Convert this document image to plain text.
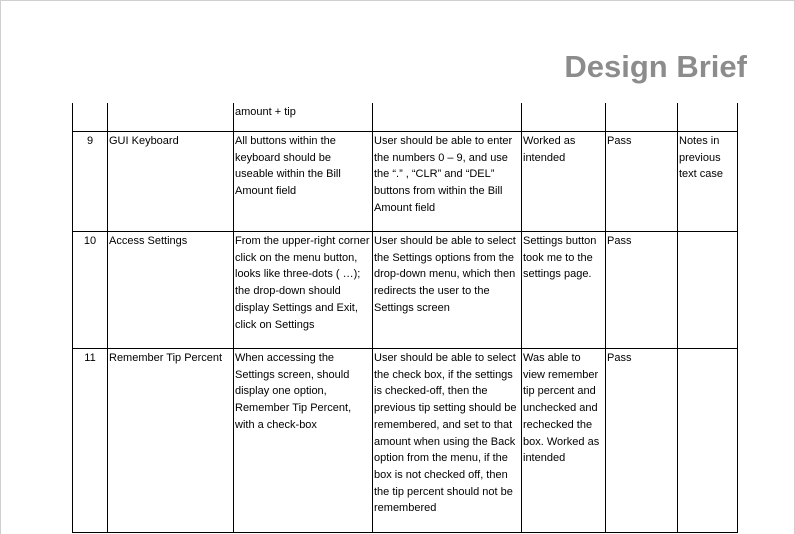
Design Brief
		amount + tip				
9	GUI Keyboard	All buttons within the keyboard should be useable within the Bill Amount field	User should be able to enter the numbers 0 – 9, and use the “.” , “CLR” and “DEL” buttons from within the Bill Amount field	Worked as intended	Pass	Notes in previous text case
10	Access Settings	From the upper-right corner click on the menu button, looks like three-dots ( …); the drop-down should display Settings and Exit, click on Settings	User should be able to select the Settings options from the drop-down menu, which then redirects the user to the Settings screen	Settings button took me to the settings page.	Pass	
11	Remember Tip Percent	When accessing the Settings screen, should display one option, Remember Tip Percent, with a check-box	User should be able to select the check box, if the settings is checked-off, then the previous tip setting should be remembered, and set to that amount when using the Back option from the menu, if the box is not checked off, then the tip percent should not be remembered	Was able to view remember tip percent and unchecked and rechecked the box. Worked as intended	Pass	
